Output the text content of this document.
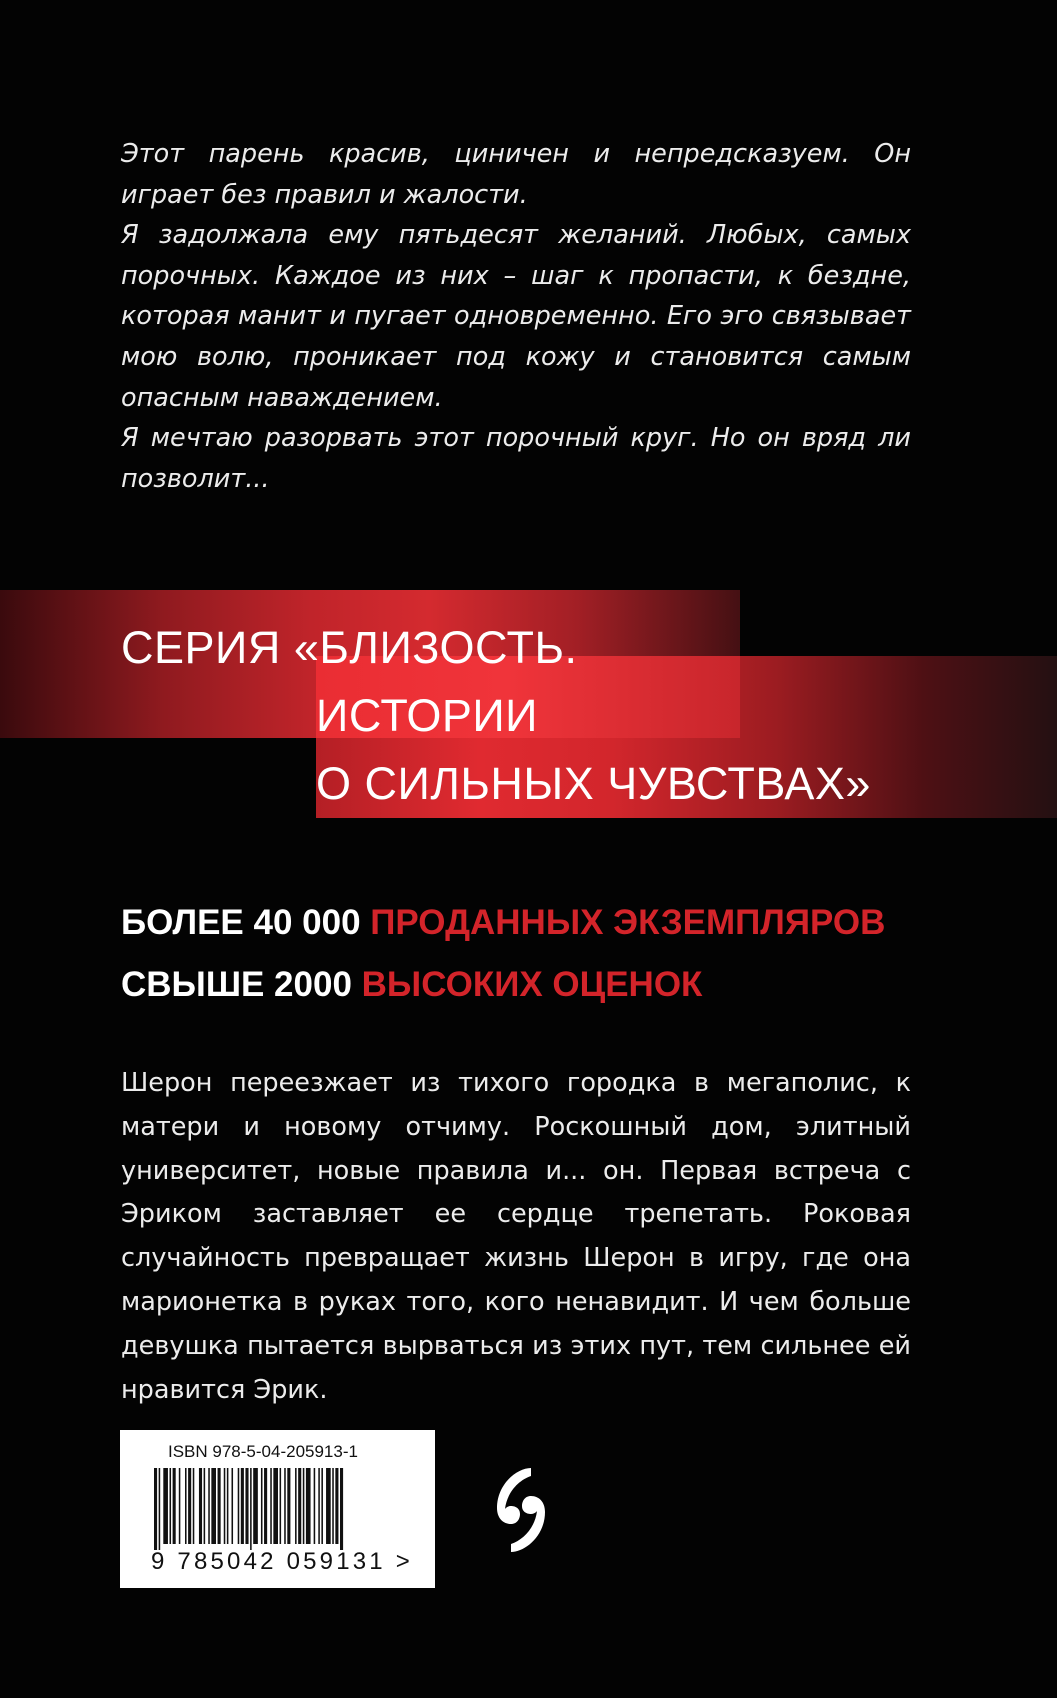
Этот парень красив, циничен и непредсказуем. Он играет без правил и жалости.

Я задолжала ему пятьдесят желаний. Любых, самых порочных. Каждое из них – шаг к пропасти, к бездне, которая манит и пугает одновременно. Его эго связывает мою волю, проникает под кожу и становится самым опасным наваждением.

Я мечтаю разорвать этот порочный круг. Но он вряд ли позволит...

СЕРИЯ «БЛИЗОСТЬ.
ИСТОРИИ
О СИЛЬНЫХ ЧУВСТВАХ»
БОЛЕЕ 40 000 ПРОДАННЫХ ЭКЗЕМПЛЯРОВ
СВЫШЕ 2000 ВЫСОКИХ ОЦЕНОК

Шерон переезжает из тихого городка в мегаполис, к матери и новому отчиму. Роскошный дом, элитный университет, новые правила и... он. Первая встреча с Эриком заставляет ее сердце трепетать. Роковая случайность превращает жизнь Шерон в игру, где она марионетка в руках того, кого ненавидит. И чем больше девушка пытается вырваться из этих пут, тем сильнее ей нравится Эрик.

ISBN 978-5-04-205913-1
9 785042 059131 >
